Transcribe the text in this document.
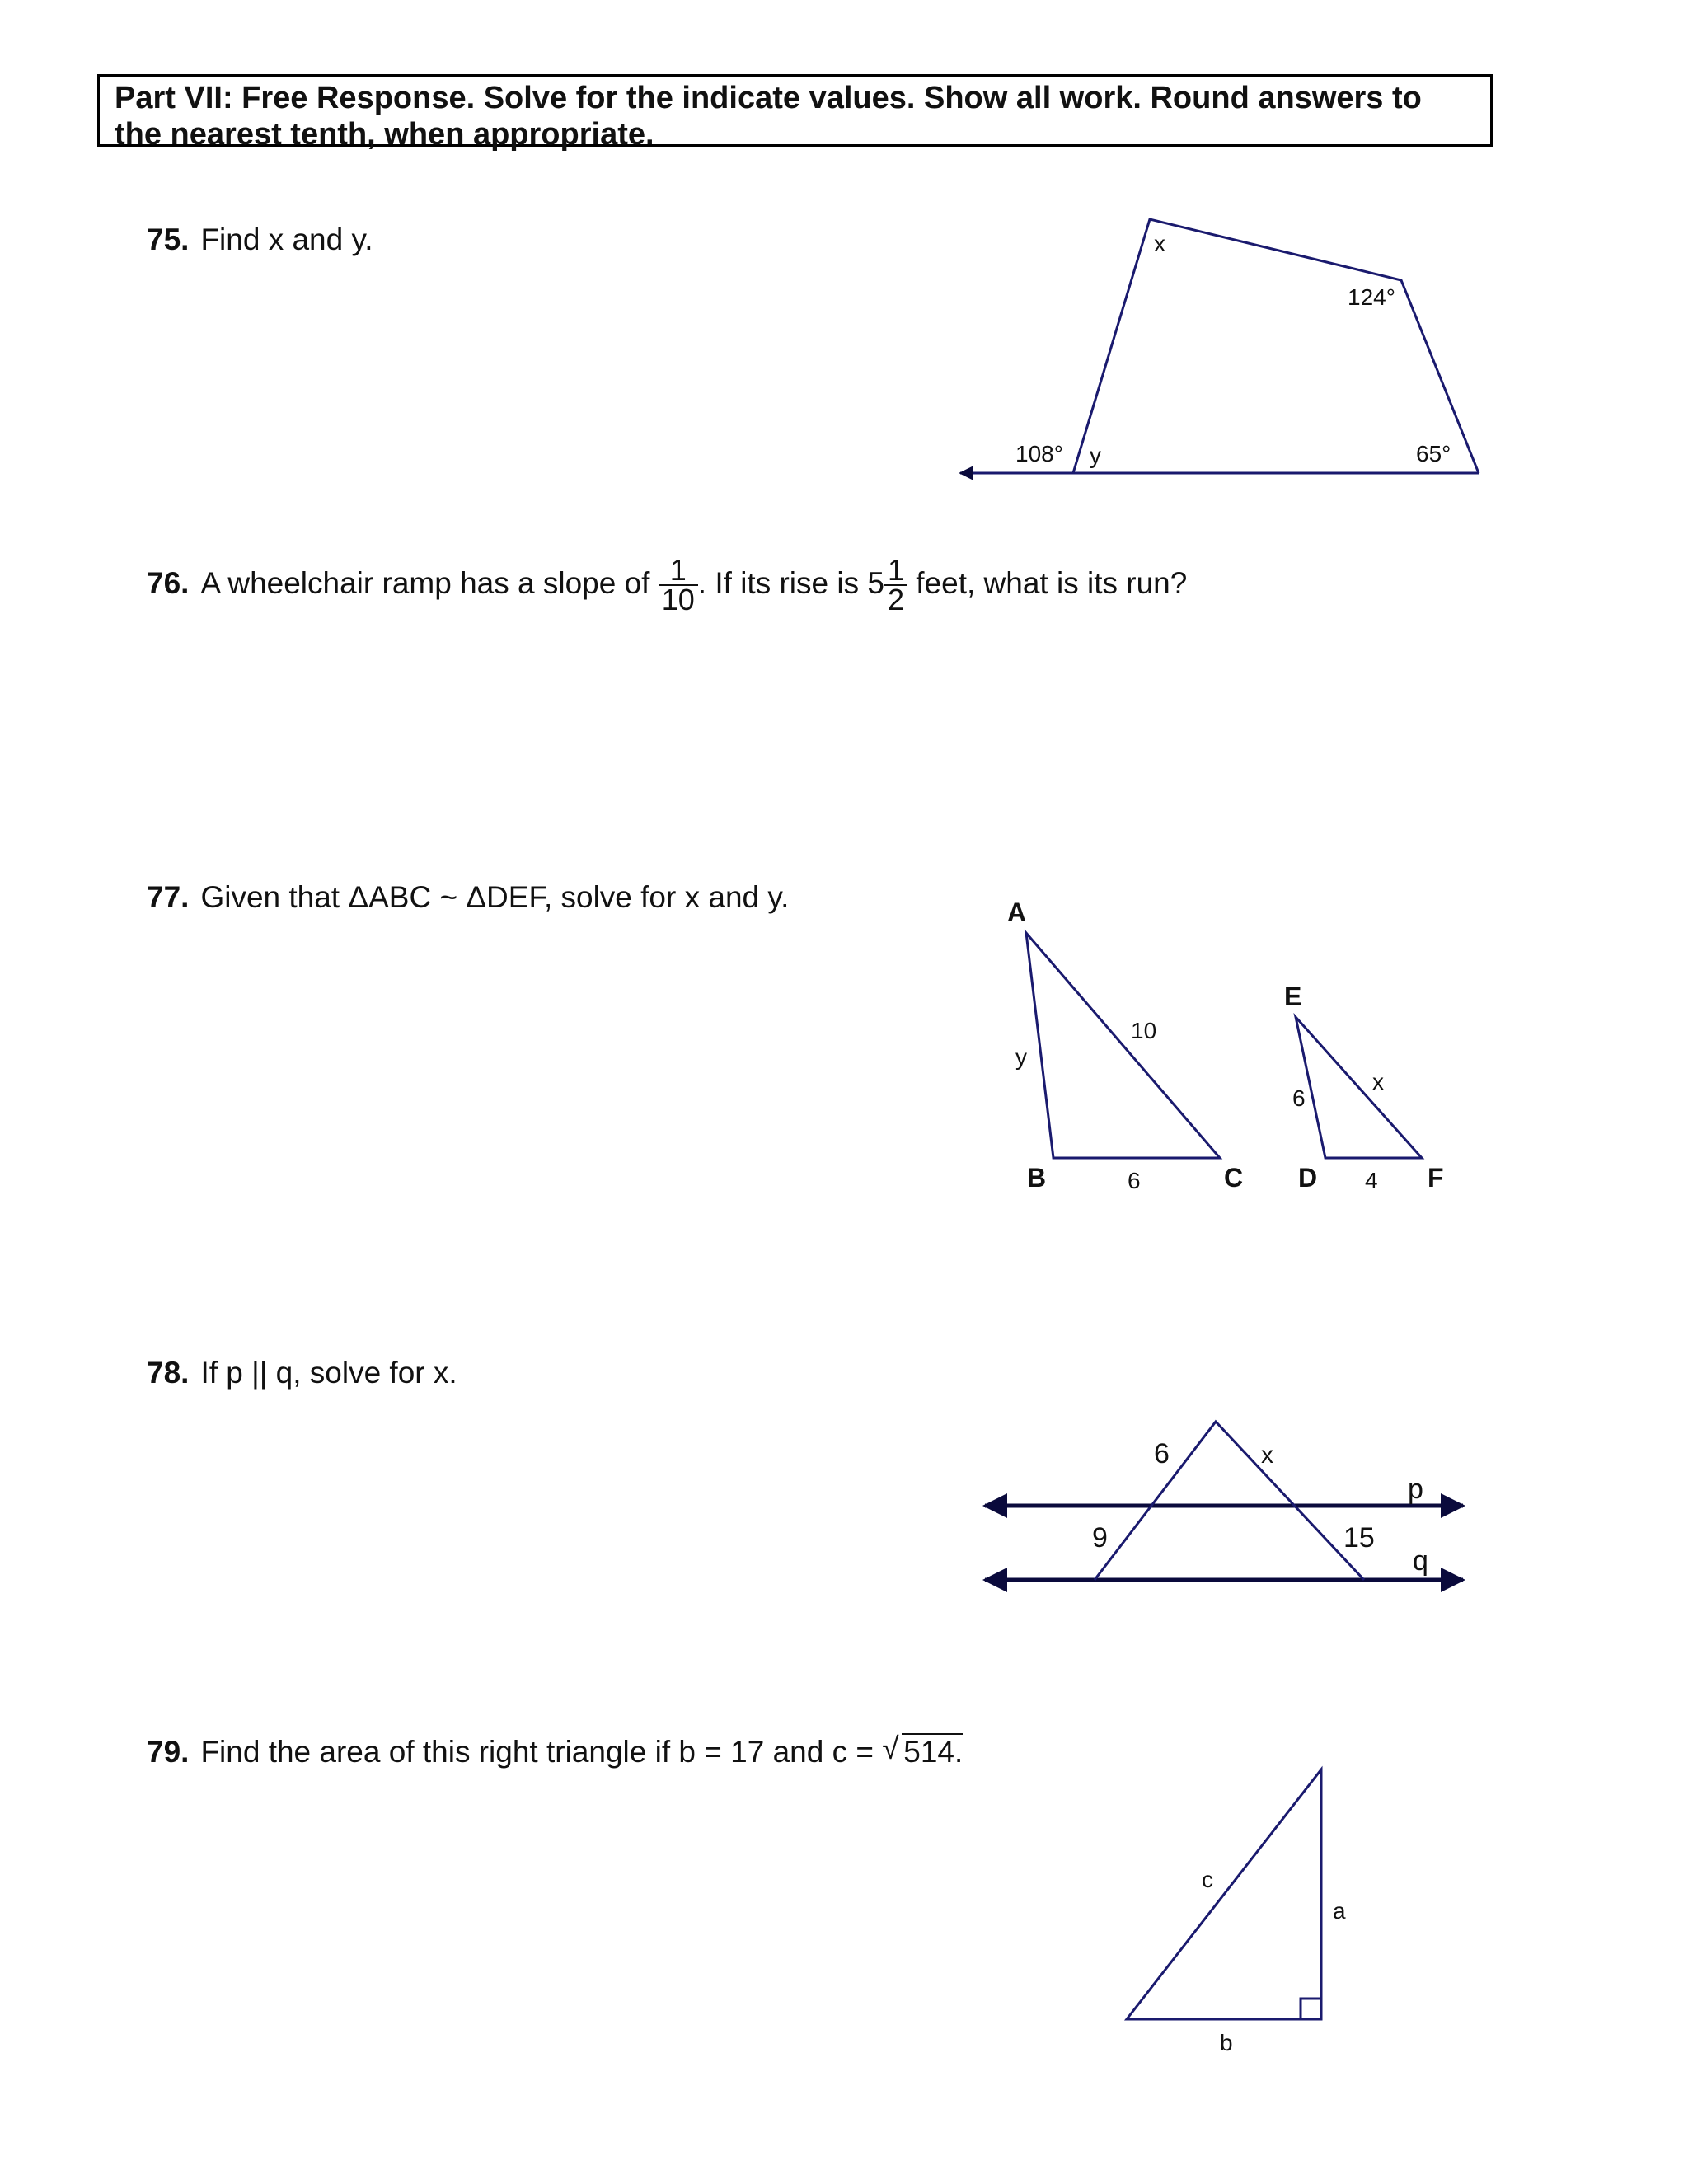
Part VII: Free Response. Solve for the indicate values. Show all work. Round answers to
the nearest tenth, when appropriate.
75. Find x and y.
76. A wheelchair ramp has a slope of $\frac{1}{10}$ . If its rise is $5 \frac{1}{2}$ feet, what is its run?
77. Given that ΔABC ~ ΔDEF, solve for x and y.
78. If p || q, solve for x.
79. Find the area of this right triangle if b = 17 and c = √ 514.
x
124°
108° y	65°
A
y
10
B	6	C
E
6
x
D 4 F
6	x
9	15
p
q
c
a
b
